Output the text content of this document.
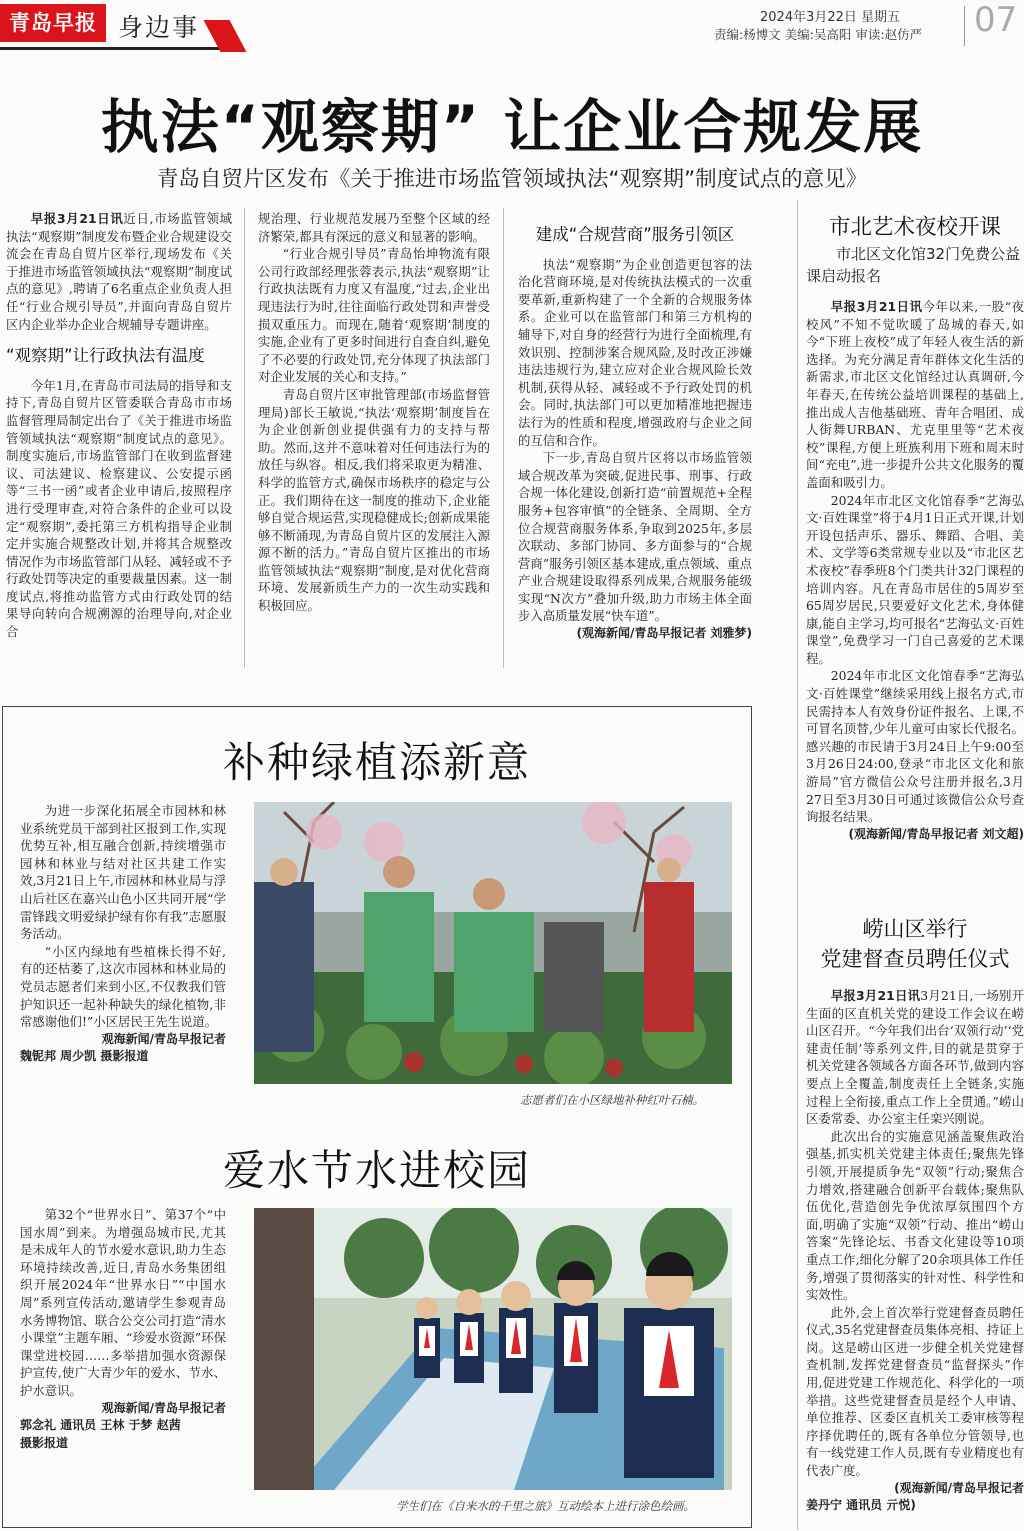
青岛早报 身边事	2024年3月22日 星期五
责编:杨博文 美编:吴高阳 审读:赵仿严 07
执法“观察期” 让企业合规发展
青岛自贸片区发布《关于推进市场监管领域执法“观察期”制度试点的意见》

早报3月21日讯近日,市场监管领域执法“观察期”制度发布暨企业合规建设交流会在青岛自贸片区举行,现场发布《关于推进市场监管领域执法“观察期”制度试点的意见》,聘请了6名重点企业负责人担任“行业合规引导员”,并面向青岛自贸片区内企业举办企业合规辅导专题讲座。

“观察期”让行政执法有温度

今年1月,在青岛市司法局的指导和支持下,青岛自贸片区管委联合青岛市市场监督管理局制定出台了《关于推进市场监管领域执法“观察期”制度试点的意见》。制度实施后,市场监管部门在收到监督建议、司法建议、检察建议、公安提示函等“三书一函”或者企业申请后,按照程序进行受理审查,对符合条件的企业可以设定“观察期”,委托第三方机构指导企业制定并实施合规整改计划,并将其合规整改情况作为市场监管部门从轻、减轻或不予行政处罚等决定的重要裁量因素。这一制度试点,将推动监管方式由行政处罚的结果导向转向合规溯源的治理导向,对企业合

规治理、行业规范发展乃至整个区域的经济繁荣,都具有深远的意义和显著的影响。

“行业合规引导员”青岛怡坤物流有限公司行政部经理张蓉表示,执法“观察期”让行政执法既有力度又有温度,“过去,企业出现违法行为时,往往面临行政处罚和声誉受损双重压力。而现在,随着‘观察期’制度的实施,企业有了更多时间进行自查自纠,避免了不必要的行政处罚,充分体现了执法部门对企业发展的关心和支持。”

青岛自贸片区审批管理部(市场监督管理局)部长王敏说,“执法‘观察期’制度旨在为企业创新创业提供强有力的支持与帮助。然而,这并不意味着对任何违法行为的放任与纵容。相反,我们将采取更为精准、科学的监管方式,确保市场秩序的稳定与公正。我们期待在这一制度的推动下,企业能够自觉合规运营,实现稳健成长;创新成果能够不断涌现,为青岛自贸片区的发展注入源源不断的活力。”青岛自贸片区推出的市场监管领域执法“观察期”制度,是对优化营商环境、发展新质生产力的一次生动实践和积极回应。

建成“合规营商”服务引领区

执法“观察期”为企业创造更包容的法治化营商环境,是对传统执法模式的一次重要革新,重新构建了一个全新的合规服务体系。企业可以在监管部门和第三方机构的辅导下,对自身的经营行为进行全面梳理,有效识别、控制涉案合规风险,及时改正涉嫌违法违规行为,建立应对企业合规风险长效机制,获得从轻、减轻或不予行政处罚的机会。同时,执法部门可以更加精准地把握违法行为的性质和程度,增强政府与企业之间的互信和合作。

下一步,青岛自贸片区将以市场监管领域合规改革为突破,促进民事、刑事、行政合规一体化建设,创新打造“前置规范+全程服务+包容审慎”的全链条、全周期、全方位合规营商服务体系,争取到2025年,多层次联动、多部门协同、多方面参与的“合规营商”服务引领区基本建成,重点领域、重点产业合规建设取得系列成果,合规服务能级实现“N次方”叠加升级,助力市场主体全面步入高质量发展“快车道”。

(观海新闻/青岛早报记者 刘雅梦)

市北艺术夜校开课
市北区文化馆32门免费公益课启动报名

早报3月21日讯今年以来,一股“夜校风”不知不觉吹暖了岛城的春天,如今“下班上夜校”成了年轻人夜生活的新选择。为充分满足青年群体文化生活的新需求,市北区文化馆经过认真调研,今年春天,在传统公益培训课程的基础上,推出成人吉他基础班、青年合唱团、成人街舞URBAN、尤克里里等“艺术夜校”课程,方便上班族利用下班和周末时间“充电”,进一步提升公共文化服务的覆盖面和吸引力。

2024年市北区文化馆春季“艺海弘文·百姓课堂”将于4月1日正式开课,计划开设包括声乐、器乐、舞蹈、合唱、美术、文学等6类常规专业以及“市北区艺术夜校”春季班8个门类共计32门课程的培训内容。凡在青岛市居住的5周岁至65周岁居民,只要爱好文化艺术,身体健康,能自主学习,均可报名“艺海弘文·百姓课堂”,免费学习一门自己喜爱的艺术课程。

2024年市北区文化馆春季“艺海弘文·百姓课堂”继续采用线上报名方式,市民需持本人有效身份证件报名、上课,不可冒名顶替,少年儿童可由家长代报名。感兴趣的市民请于3月24日上午9:00至3月26日24:00,登录“市北区文化和旅游局”官方微信公众号注册并报名,3月27日至3月30日可通过该微信公众号查询报名结果。

(观海新闻/青岛早报记者 刘文超)

崂山区举行
党建督查员聘任仪式

早报3月21日讯3月21日,一场别开生面的区直机关党的建设工作会议在崂山区召开。“今年我们出台‘双领行动’‘党建责任制’等系列文件,目的就是贯穿于机关党建各领域各方面各环节,做到内容要点上全覆盖,制度责任上全链条,实施过程上全衔接,重点工作上全贯通。”崂山区委常委、办公室主任栾兴刚说。

此次出台的实施意见涵盖聚焦政治强基,抓实机关党建主体责任;聚焦先锋引领,开展提质争先“双领”行动;聚焦合力增效,搭建融合创新平台载体;聚焦队伍优化,营造创先争优浓厚氛围四个方面,明确了实施“双领”行动、推出“崂山答案”先锋论坛、书香文化建设等10项重点工作,细化分解了20余项具体工作任务,增强了贯彻落实的针对性、科学性和实效性。

此外,会上首次举行党建督查员聘任仪式,35名党建督查员集体亮相、持证上岗。这是崂山区进一步健全机关党建督查机制,发挥党建督查员“监督探头”作用,促进党建工作规范化、科学化的一项举措。这些党建督查员是经个人申请、单位推荐、区委区直机关工委审核等程序择优聘任的,既有各单位分管领导,也有一线党建工作人员,既有专业精度也有代表广度。

(观海新闻/青岛早报记者

姜丹宁 通讯员 亓悦)

补种绿植添新意

为进一步深化拓展全市园林和林业系统党员干部到社区报到工作,实现优势互补,相互融合创新,持续增强市园林和林业与结对社区共建工作实效,3月21日上午,市园林和林业局与浮山后社区在嘉兴山色小区共同开展“学雷锋践文明爱绿护绿有你有我”志愿服务活动。

“小区内绿地有些植株长得不好,有的还枯萎了,这次市园林和林业局的党员志愿者们来到小区,不仅教我们管护知识还一起补种缺失的绿化植物,非常感谢他们!”小区居民王先生说道。

观海新闻/青岛早报记者

魏铌邦 周少凯 摄影报道

志愿者们在小区绿地补种红叶石楠。
爱水节水进校园

第32个“世界水日”、第37个“中国水周”到来。为增强岛城市民,尤其是未成年人的节水爱水意识,助力生态环境持续改善,近日,青岛水务集团组织开展2024年“世界水日”“中国水周”系列宣传活动,邀请学生参观青岛水务博物馆、联合公交公司打造“清水小课堂”主题车厢、“珍爱水资源”环保课堂进校园……多举措加强水资源保护宣传,使广大青少年的爱水、节水、护水意识。

观海新闻/青岛早报记者

郭念礼 通讯员 王林 于梦 赵茜

摄影报道

学生们在《自来水的千里之旅》互动绘本上进行涂色绘画。
